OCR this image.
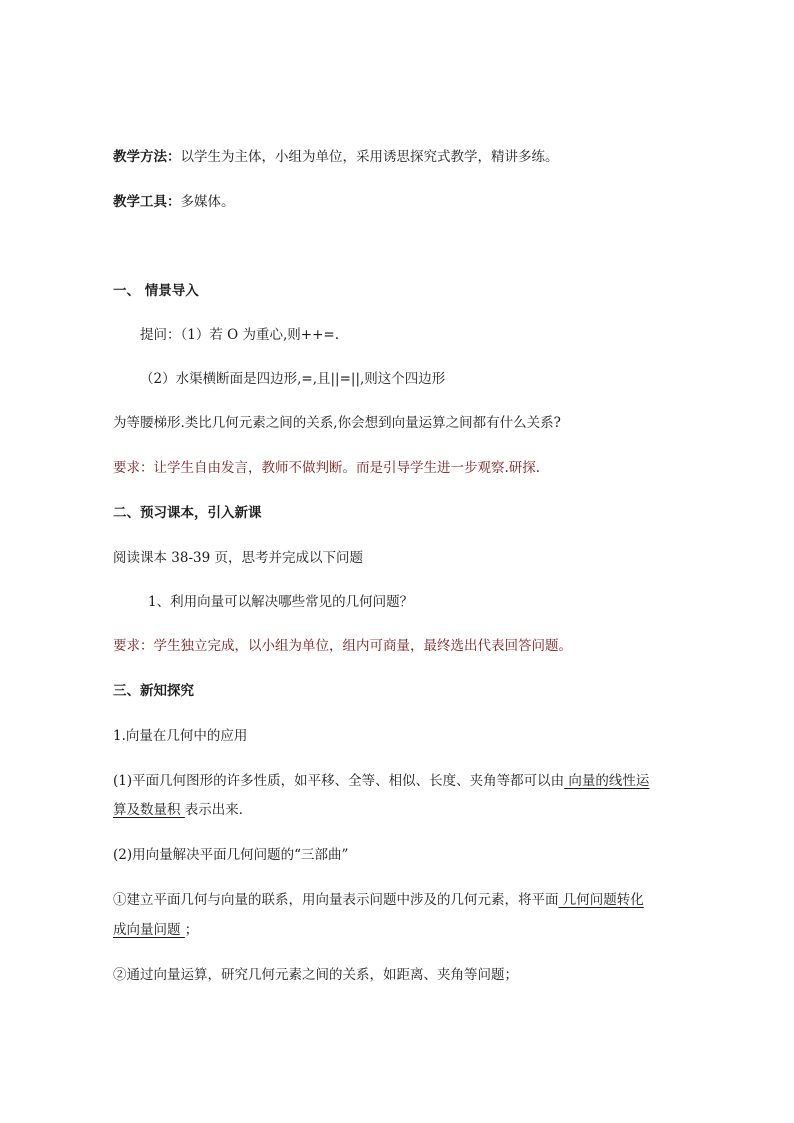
教学方法：以学生为主体，小组为单位，采用诱思探究式教学，精讲多练。
教学工具：多媒体。
一、 情景导入
提问：（1）若 O 为重心,则++=.
（2）水渠横断面是四边形,=,且||=||,则这个四边形
为等腰梯形.类比几何元素之间的关系,你会想到向量运算之间都有什么关系?
要求：让学生自由发言，教师不做判断。而是引导学生进一步观察.研探.
二、预习课本，引入新课
阅读课本 38-39 页，思考并完成以下问题
1、利用向量可以解决哪些常见的几何问题？
要求：学生独立完成，以小组为单位，组内可商量，最终选出代表回答问题。
三、新知探究
1.向量在几何中的应用
(1)平面几何图形的许多性质，如平移、全等、相似、长度、夹角等都可以由 向量的线性运
算及数量积 表示出来．
(2)用向量解决平面几何问题的“三部曲”
①建立平面几何与向量的联系，用向量表示问题中涉及的几何元素，将平面 几何问题转化
成向量问题 ；
②通过向量运算，研究几何元素之间的关系，如距离、夹角等问题；
